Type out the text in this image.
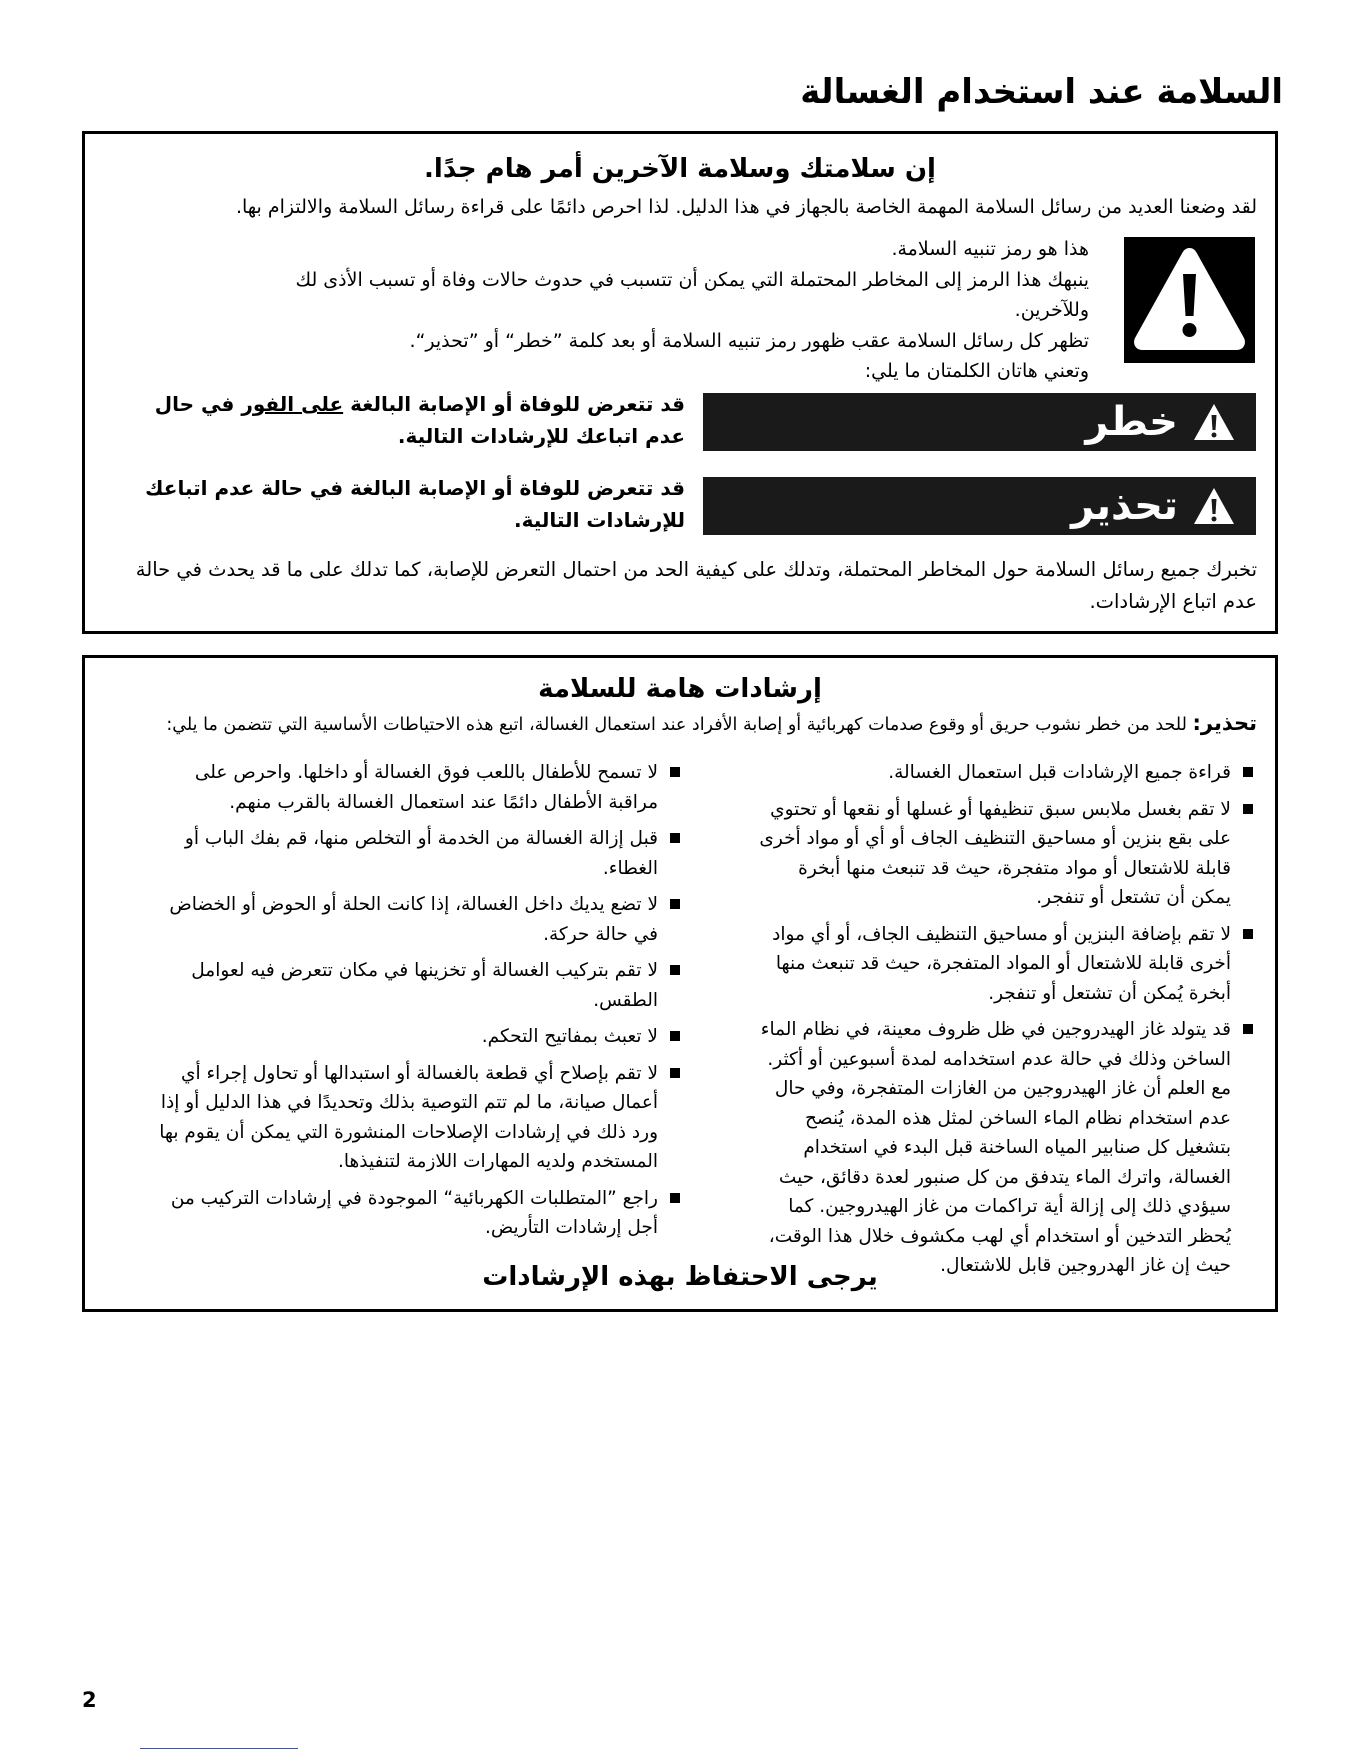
السلامة عند استخدام الغسالة

إن سلامتك وسلامة الآخرين أمر هام جدًا.

لقد وضعنا العديد من رسائل السلامة المهمة الخاصة بالجهاز في هذا الدليل. لذا احرص دائمًا على قراءة رسائل السلامة والالتزام بها.

هذا هو رمز تنبيه السلامة.

ينبهك هذا الرمز إلى المخاطر المحتملة التي يمكن أن تتسبب في حدوث حالات وفاة أو تسبب الأذى لك وللآخرين.

تظهر كل رسائل السلامة عقب ظهور رمز تنبيه السلامة أو بعد كلمة ”خطر“ أو ”تحذير“.

وتعني هاتان الكلمتان ما يلي:

خطر
قد تتعرض للوفاة أو الإصابة البالغة على الفور في حال عدم اتباعك للإرشادات التالية.
تحذير
قد تتعرض للوفاة أو الإصابة البالغة في حالة عدم اتباعك للإرشادات التالية.

تخبرك جميع رسائل السلامة حول المخاطر المحتملة، وتدلك على كيفية الحد من احتمال التعرض للإصابة، كما تدلك على ما قد يحدث في حالة عدم اتباع الإرشادات.

إرشادات هامة للسلامة

تحذير: للحد من خطر نشوب حريق أو وقوع صدمات كهربائية أو إصابة الأفراد عند استعمال الغسالة، اتبع هذه الاحتياطات الأساسية التي تتضمن ما يلي:

قراءة جميع الإرشادات قبل استعمال الغسالة.
لا تقم بغسل ملابس سبق تنظيفها أو غسلها أو نقعها أو تحتوي على بقع بنزين أو مساحيق التنظيف الجاف أو أي أو مواد أخرى قابلة للاشتعال أو مواد متفجرة، حيث قد تنبعث منها أبخرة يمكن أن تشتعل أو تنفجر.
لا تقم بإضافة البنزين أو مساحيق التنظيف الجاف، أو أي مواد أخرى قابلة للاشتعال أو المواد المتفجرة، حيث قد تنبعث منها أبخرة يُمكن أن تشتعل أو تنفجر.
قد يتولد غاز الهيدروجين في ظل ظروف معينة، في نظام الماء الساخن وذلك في حالة عدم استخدامه لمدة أسبوعين أو أكثر. مع العلم أن غاز الهيدروجين من الغازات المتفجرة، وفي حال عدم استخدام نظام الماء الساخن لمثل هذه المدة، يُنصح بتشغيل كل صنابير المياه الساخنة قبل البدء في استخدام الغسالة، واترك الماء يتدفق من كل صنبور لعدة دقائق، حيث سيؤدي ذلك إلى إزالة أية تراكمات من غاز الهيدروجين. كما يُحظر التدخين أو استخدام أي لهب مكشوف خلال هذا الوقت، حيث إن غاز الهدروجين قابل للاشتعال.
لا تسمح للأطفال باللعب فوق الغسالة أو داخلها. واحرص على مراقبة الأطفال دائمًا عند استعمال الغسالة بالقرب منهم.
قبل إزالة الغسالة من الخدمة أو التخلص منها، قم بفك الباب أو الغطاء.
لا تضع يديك داخل الغسالة، إذا كانت الحلة أو الحوض أو الخضاض في حالة حركة.
لا تقم بتركيب الغسالة أو تخزينها في مكان تتعرض فيه لعوامل الطقس.
لا تعبث بمفاتيح التحكم.
لا تقم بإصلاح أي قطعة بالغسالة أو استبدالها أو تحاول إجراء أي أعمال صيانة، ما لم تتم التوصية بذلك وتحديدًا في هذا الدليل أو إذا ورد ذلك في إرشادات الإصلاحات المنشورة التي يمكن أن يقوم بها المستخدم ولديه المهارات اللازمة لتنفيذها.
راجع ”المتطلبات الكهربائية“ الموجودة في إرشادات التركيب من أجل إرشادات التأريض.

يرجى الاحتفاظ بهذه الإرشادات

2
